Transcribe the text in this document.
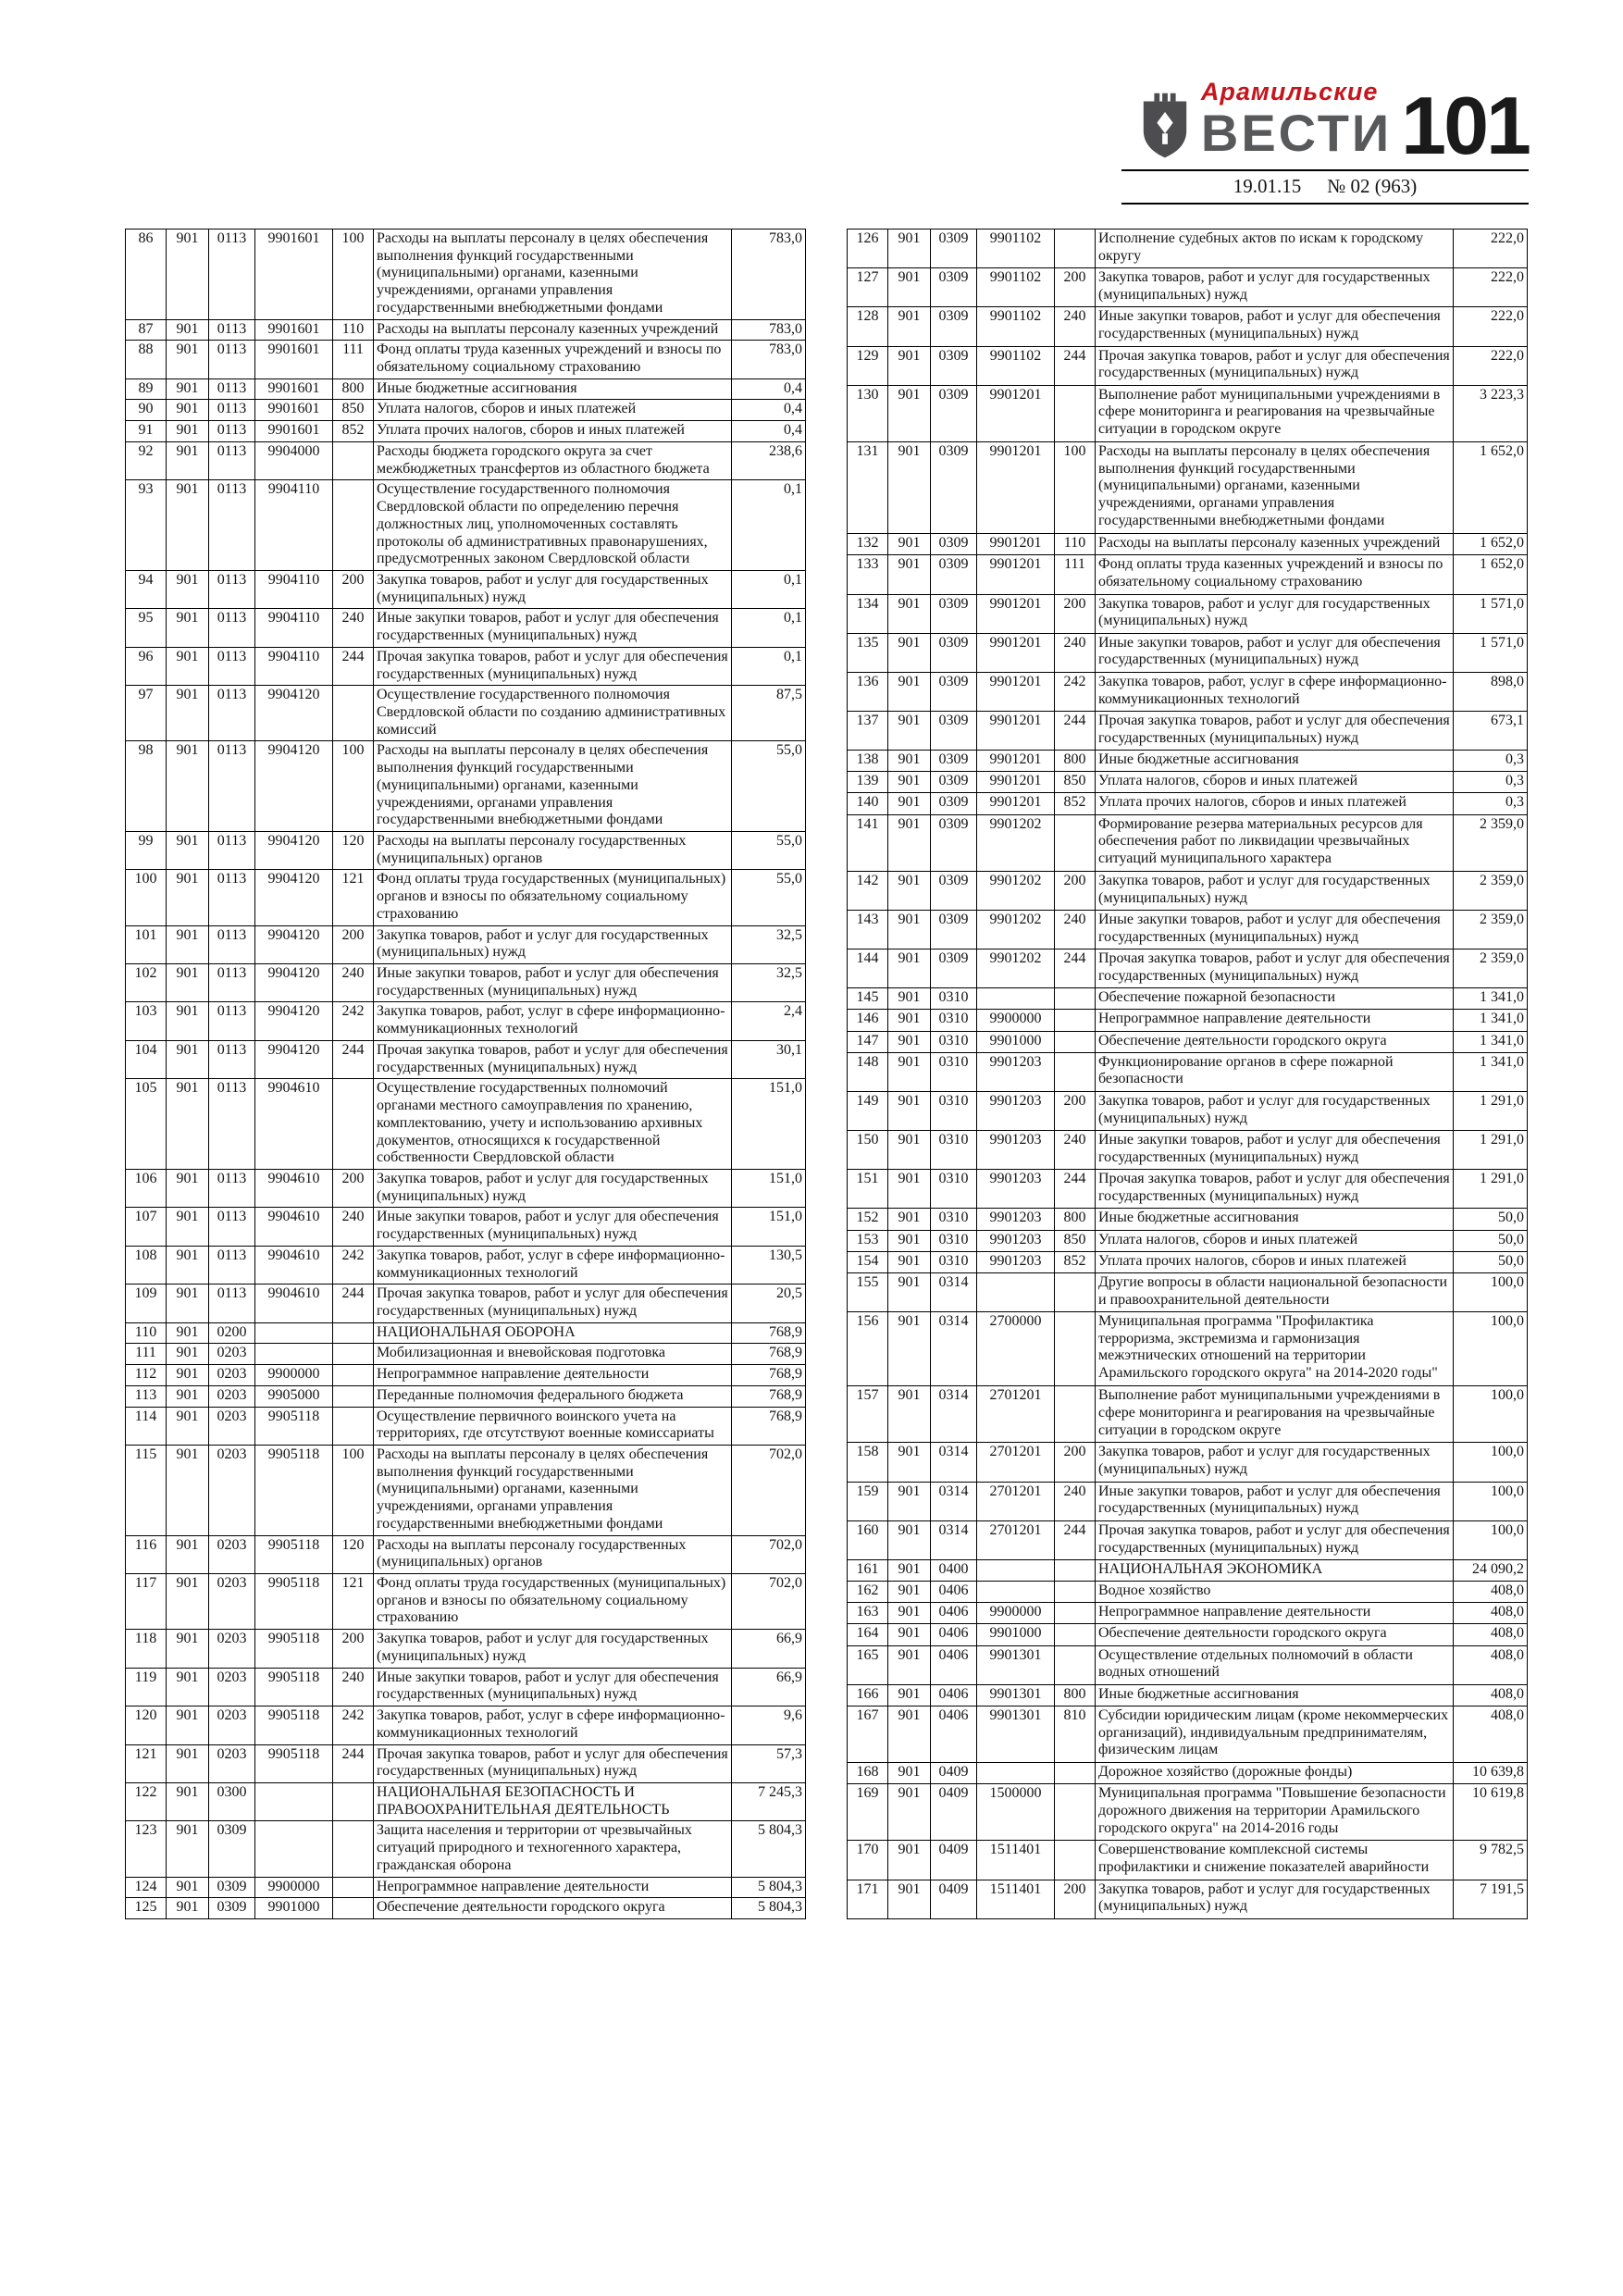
Арамильские
ВЕСТИ 101
19.01.15 № 02 (963)
86	901	0113	9901601	100	Расходы на выплаты персоналу в целях обеспечения выполнения функций государственными (муниципальными) органами, казенными учреждениями, органами управления государственными внебюджетными фондами	783,0
87	901	0113	9901601	110	Расходы на выплаты персоналу казенных учреждений	783,0
88	901	0113	9901601	111	Фонд оплаты труда казенных учреждений и взносы по обязательному социальному страхованию	783,0
89	901	0113	9901601	800	Иные бюджетные ассигнования	0,4
90	901	0113	9901601	850	Уплата налогов, сборов и иных платежей	0,4
91	901	0113	9901601	852	Уплата прочих налогов, сборов и иных платежей	0,4
92	901	0113	9904000		Расходы бюджета городского округа за счет межбюджетных трансфертов из областного бюджета	238,6
93	901	0113	9904110		Осуществление государственного полномочия Свердловской области по определению перечня должностных лиц, уполномоченных составлять протоколы об административных правонарушениях, предусмотренных законом Свердловской области	0,1
94	901	0113	9904110	200	Закупка товаров, работ и услуг для государственных (муниципальных) нужд	0,1
95	901	0113	9904110	240	Иные закупки товаров, работ и услуг для обеспечения государственных (муниципальных) нужд	0,1
96	901	0113	9904110	244	Прочая закупка товаров, работ и услуг для обеспечения государственных (муниципальных) нужд	0,1
97	901	0113	9904120		Осуществление государственного полномочия Свердловской области по созданию административных комиссий	87,5
98	901	0113	9904120	100	Расходы на выплаты персоналу в целях обеспечения выполнения функций государственными (муниципальными) органами, казенными учреждениями, органами управления государственными внебюджетными фондами	55,0
99	901	0113	9904120	120	Расходы на выплаты персоналу государственных (муниципальных) органов	55,0
100	901	0113	9904120	121	Фонд оплаты труда государственных (муниципальных) органов и взносы по обязательному социальному страхованию	55,0
101	901	0113	9904120	200	Закупка товаров, работ и услуг для государственных (муниципальных) нужд	32,5
102	901	0113	9904120	240	Иные закупки товаров, работ и услуг для обеспечения государственных (муниципальных) нужд	32,5
103	901	0113	9904120	242	Закупка товаров, работ, услуг в сфере информационно-коммуникационных технологий	2,4
104	901	0113	9904120	244	Прочая закупка товаров, работ и услуг для обеспечения государственных (муниципальных) нужд	30,1
105	901	0113	9904610		Осуществление государственных полномочий органами местного самоуправления по хранению, комплектованию, учету и использованию архивных документов, относящихся к государственной собственности Свердловской области	151,0
106	901	0113	9904610	200	Закупка товаров, работ и услуг для государственных (муниципальных) нужд	151,0
107	901	0113	9904610	240	Иные закупки товаров, работ и услуг для обеспечения государственных (муниципальных) нужд	151,0
108	901	0113	9904610	242	Закупка товаров, работ, услуг в сфере информационно-коммуникационных технологий	130,5
109	901	0113	9904610	244	Прочая закупка товаров, работ и услуг для обеспечения государственных (муниципальных) нужд	20,5
110	901	0200			НАЦИОНАЛЬНАЯ ОБОРОНА	768,9
111	901	0203			Мобилизационная и вневойсковая подготовка	768,9
112	901	0203	9900000		Непрограммное направление деятельности	768,9
113	901	0203	9905000		Переданные полномочия федерального бюджета	768,9
114	901	0203	9905118		Осуществление первичного воинского учета на территориях, где отсутствуют военные комиссариаты	768,9
115	901	0203	9905118	100	Расходы на выплаты персоналу в целях обеспечения выполнения функций государственными (муниципальными) органами, казенными учреждениями, органами управления государственными внебюджетными фондами	702,0
116	901	0203	9905118	120	Расходы на выплаты персоналу государственных (муниципальных) органов	702,0
117	901	0203	9905118	121	Фонд оплаты труда государственных (муниципальных) органов и взносы по обязательному социальному страхованию	702,0
118	901	0203	9905118	200	Закупка товаров, работ и услуг для государственных (муниципальных) нужд	66,9
119	901	0203	9905118	240	Иные закупки товаров, работ и услуг для обеспечения государственных (муниципальных) нужд	66,9
120	901	0203	9905118	242	Закупка товаров, работ, услуг в сфере информационно-коммуникационных технологий	9,6
121	901	0203	9905118	244	Прочая закупка товаров, работ и услуг для обеспечения государственных (муниципальных) нужд	57,3
122	901	0300			НАЦИОНАЛЬНАЯ БЕЗОПАСНОСТЬ И ПРАВООХРАНИТЕЛЬНАЯ ДЕЯТЕЛЬНОСТЬ	7 245,3
123	901	0309			Защита населения и территории от чрезвычайных ситуаций природного и техногенного характера, гражданская оборона	5 804,3
124	901	0309	9900000		Непрограммное направление деятельности	5 804,3
125	901	0309	9901000		Обеспечение деятельности городского округа	5 804,3
126	901	0309	9901102		Исполнение судебных актов по искам к городскому округу	222,0
127	901	0309	9901102	200	Закупка товаров, работ и услуг для государственных (муниципальных) нужд	222,0
128	901	0309	9901102	240	Иные закупки товаров, работ и услуг для обеспечения государственных (муниципальных) нужд	222,0
129	901	0309	9901102	244	Прочая закупка товаров, работ и услуг для обеспечения государственных (муниципальных) нужд	222,0
130	901	0309	9901201		Выполнение работ муниципальными учреждениями в сфере мониторинга и реагирования на чрезвычайные ситуации в городском округе	3 223,3
131	901	0309	9901201	100	Расходы на выплаты персоналу в целях обеспечения выполнения функций государственными (муниципальными) органами, казенными учреждениями, органами управления государственными внебюджетными фондами	1 652,0
132	901	0309	9901201	110	Расходы на выплаты персоналу казенных учреждений	1 652,0
133	901	0309	9901201	111	Фонд оплаты труда казенных учреждений и взносы по обязательному социальному страхованию	1 652,0
134	901	0309	9901201	200	Закупка товаров, работ и услуг для государственных (муниципальных) нужд	1 571,0
135	901	0309	9901201	240	Иные закупки товаров, работ и услуг для обеспечения государственных (муниципальных) нужд	1 571,0
136	901	0309	9901201	242	Закупка товаров, работ, услуг в сфере информационно-коммуникационных технологий	898,0
137	901	0309	9901201	244	Прочая закупка товаров, работ и услуг для обеспечения государственных (муниципальных) нужд	673,1
138	901	0309	9901201	800	Иные бюджетные ассигнования	0,3
139	901	0309	9901201	850	Уплата налогов, сборов и иных платежей	0,3
140	901	0309	9901201	852	Уплата прочих налогов, сборов и иных платежей	0,3
141	901	0309	9901202		Формирование резерва материальных ресурсов для обеспечения работ по ликвидации чрезвычайных ситуаций муниципального характера	2 359,0
142	901	0309	9901202	200	Закупка товаров, работ и услуг для государственных (муниципальных) нужд	2 359,0
143	901	0309	9901202	240	Иные закупки товаров, работ и услуг для обеспечения государственных (муниципальных) нужд	2 359,0
144	901	0309	9901202	244	Прочая закупка товаров, работ и услуг для обеспечения государственных (муниципальных) нужд	2 359,0
145	901	0310			Обеспечение пожарной безопасности	1 341,0
146	901	0310	9900000		Непрограммное направление деятельности	1 341,0
147	901	0310	9901000		Обеспечение деятельности городского округа	1 341,0
148	901	0310	9901203		Функционирование органов в сфере пожарной безопасности	1 341,0
149	901	0310	9901203	200	Закупка товаров, работ и услуг для государственных (муниципальных) нужд	1 291,0
150	901	0310	9901203	240	Иные закупки товаров, работ и услуг для обеспечения государственных (муниципальных) нужд	1 291,0
151	901	0310	9901203	244	Прочая закупка товаров, работ и услуг для обеспечения государственных (муниципальных) нужд	1 291,0
152	901	0310	9901203	800	Иные бюджетные ассигнования	50,0
153	901	0310	9901203	850	Уплата налогов, сборов и иных платежей	50,0
154	901	0310	9901203	852	Уплата прочих налогов, сборов и иных платежей	50,0
155	901	0314			Другие вопросы в области национальной безопасности и правоохранительной деятельности	100,0
156	901	0314	2700000		Муниципальная программа "Профилактика терроризма, экстремизма и гармонизация межэтнических отношений на территории Арамильского городского округа" на 2014-2020 годы"	100,0
157	901	0314	2701201		Выполнение работ муниципальными учреждениями в сфере мониторинга и реагирования на чрезвычайные ситуации в городском округе	100,0
158	901	0314	2701201	200	Закупка товаров, работ и услуг для государственных (муниципальных) нужд	100,0
159	901	0314	2701201	240	Иные закупки товаров, работ и услуг для обеспечения государственных (муниципальных) нужд	100,0
160	901	0314	2701201	244	Прочая закупка товаров, работ и услуг для обеспечения государственных (муниципальных) нужд	100,0
161	901	0400			НАЦИОНАЛЬНАЯ ЭКОНОМИКА	24 090,2
162	901	0406			Водное хозяйство	408,0
163	901	0406	9900000		Непрограммное направление деятельности	408,0
164	901	0406	9901000		Обеспечение деятельности городского округа	408,0
165	901	0406	9901301		Осуществление отдельных полномочий в области водных отношений	408,0
166	901	0406	9901301	800	Иные бюджетные ассигнования	408,0
167	901	0406	9901301	810	Субсидии юридическим лицам (кроме некоммерческих организаций), индивидуальным предпринимателям, физическим лицам	408,0
168	901	0409			Дорожное хозяйство (дорожные фонды)	10 639,8
169	901	0409	1500000		Муниципальная программа "Повышение безопасности дорожного движения на территории Арамильского городского округа" на 2014-2016 годы	10 619,8
170	901	0409	1511401		Совершенствование комплексной системы профилактики и снижение показателей аварийности	9 782,5
171	901	0409	1511401	200	Закупка товаров, работ и услуг для государственных (муниципальных) нужд	7 191,5
